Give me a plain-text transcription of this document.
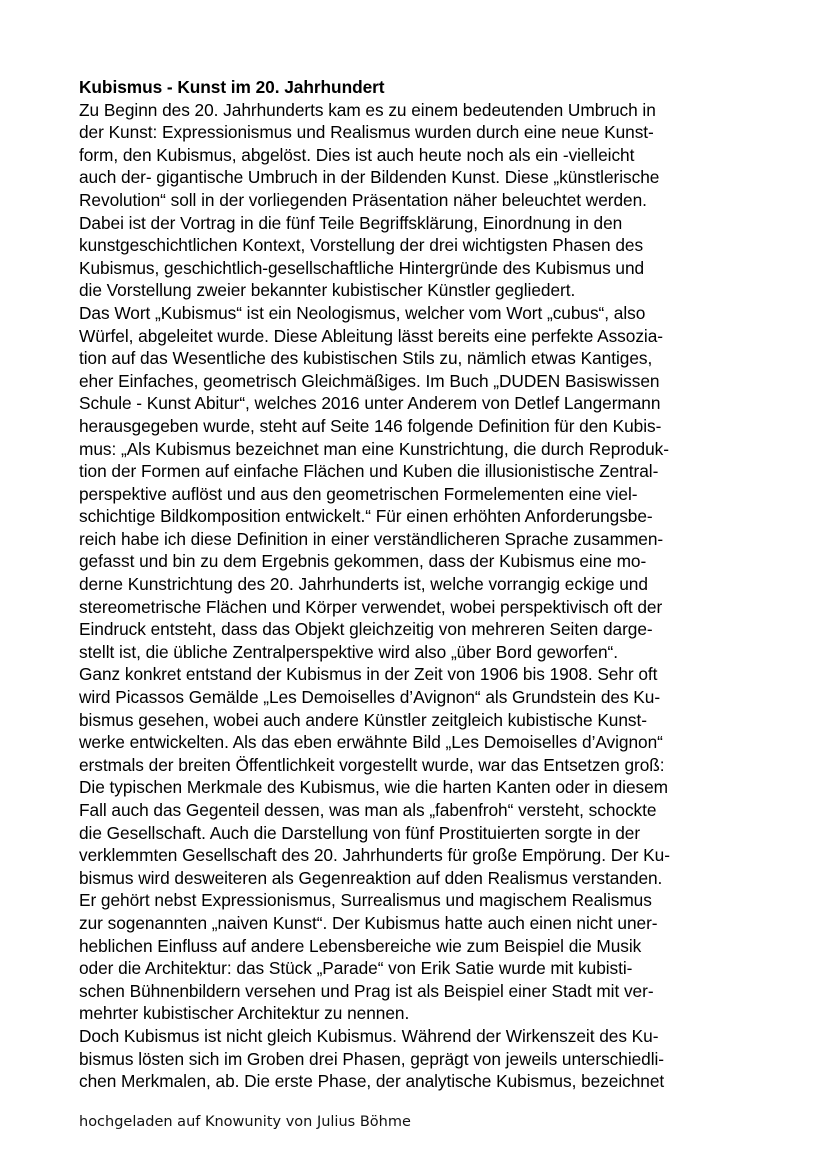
Kubismus - Kunst im 20. Jahrhundert
Zu Beginn des 20. Jahrhunderts kam es zu einem bedeutenden Umbruch in
der Kunst: Expressionismus und Realismus wurden durch eine neue Kunst-
form, den Kubismus, abgelöst. Dies ist auch heute noch als ein -vielleicht
auch der- gigantische Umbruch in der Bildenden Kunst. Diese „künstlerische
Revolution“ soll in der vorliegenden Präsentation näher beleuchtet werden.
Dabei ist der Vortrag in die fünf Teile Begriffsklärung, Einordnung in den
kunstgeschichtlichen Kontext, Vorstellung der drei wichtigsten Phasen des
Kubismus, geschichtlich-gesellschaftliche Hintergründe des Kubismus und
die Vorstellung zweier bekannter kubistischer Künstler gegliedert.
Das Wort „Kubismus“ ist ein Neologismus, welcher vom Wort „cubus“, also
Würfel, abgeleitet wurde. Diese Ableitung lässt bereits eine perfekte Assozia-
tion auf das Wesentliche des kubistischen Stils zu, nämlich etwas Kantiges,
eher Einfaches, geometrisch Gleichmäßiges. Im Buch „DUDEN Basiswissen
Schule - Kunst Abitur“, welches 2016 unter Anderem von Detlef Langermann
herausgegeben wurde, steht auf Seite 146 folgende Definition für den Kubis-
mus: „Als Kubismus bezeichnet man eine Kunstrichtung, die durch Reproduk-
tion der Formen auf einfache Flächen und Kuben die illusionistische Zentral-
perspektive auflöst und aus den geometrischen Formelementen eine viel-
schichtige Bildkomposition entwickelt.“ Für einen erhöhten Anforderungsbe-
reich habe ich diese Definition in einer verständlicheren Sprache zusammen-
gefasst und bin zu dem Ergebnis gekommen, dass der Kubismus eine mo-
derne Kunstrichtung des 20. Jahrhunderts ist, welche vorrangig eckige und
stereometrische Flächen und Körper verwendet, wobei perspektivisch oft der
Eindruck entsteht, dass das Objekt gleichzeitig von mehreren Seiten darge-
stellt ist, die übliche Zentralperspektive wird also „über Bord geworfen“.
Ganz konkret entstand der Kubismus in der Zeit von 1906 bis 1908. Sehr oft
wird Picassos Gemälde „Les Demoiselles d’Avignon“ als Grundstein des Ku-
bismus gesehen, wobei auch andere Künstler zeitgleich kubistische Kunst-
werke entwickelten. Als das eben erwähnte Bild „Les Demoiselles d’Avignon“
erstmals der breiten Öffentlichkeit vorgestellt wurde, war das Entsetzen groß:
Die typischen Merkmale des Kubismus, wie die harten Kanten oder in diesem
Fall auch das Gegenteil dessen, was man als „fabenfroh“ versteht, schockte
die Gesellschaft. Auch die Darstellung von fünf Prostituierten sorgte in der
verklemmten Gesellschaft des 20. Jahrhunderts für große Empörung. Der Ku-
bismus wird desweiteren als Gegenreaktion auf dden Realismus verstanden.
Er gehört nebst Expressionismus, Surrealismus und magischem Realismus
zur sogenannten „naiven Kunst“. Der Kubismus hatte auch einen nicht uner-
heblichen Einfluss auf andere Lebensbereiche wie zum Beispiel die Musik
oder die Architektur: das Stück „Parade“ von Erik Satie wurde mit kubisti-
schen Bühnenbildern versehen und Prag ist als Beispiel einer Stadt mit ver-
mehrter kubistischer Architektur zu nennen.
Doch Kubismus ist nicht gleich Kubismus. Während der Wirkenszeit des Ku-
bismus lösten sich im Groben drei Phasen, geprägt von jeweils unterschiedli-
chen Merkmalen, ab. Die erste Phase, der analytische Kubismus, bezeichnet
hochgeladen auf Knowunity von Julius Böhme
